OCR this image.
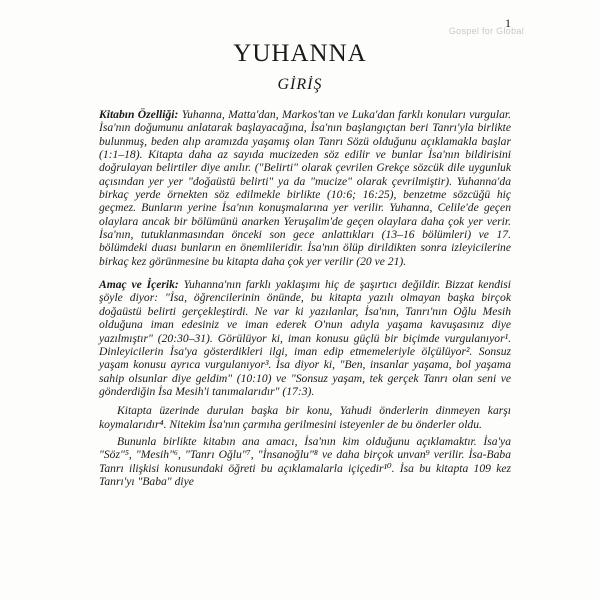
1
Gospel for Global
YUHANNA
GİRİŞ

Kitabın Özelliği: Yuhanna, Matta'dan, Markos'tan ve Luka'dan farklı konuları vurgular. İsa'nın doğumunu anlatarak başlayacağına, İsa'nın başlangıçtan beri Tanrı'yla birlikte bulunmuş, beden alıp aramızda yaşamış olan Tanrı Sözü olduğunu açıklamakla başlar (1:1–18). Kitapta daha az sayıda mucizeden söz edilir ve bunlar İsa'nın bildirisini doğrulayan belirtiler diye anılır. ("Belirti" olarak çevrilen Grekçe sözcük dile uygunluk açısından yer yer "doğaüstü belirti" ya da "mucize" olarak çevrilmiştir). Yuhanna'da birkaç yerde örnekten söz edilmekle birlikte (10:6; 16:25), benzetme sözcüğü hiç geçmez. Bunların yerine İsa'nın konuşmalarına yer verilir. Yuhanna, Celile'de geçen olaylara ancak bir bölümünü anarken Yeruşalim'de geçen olaylara daha çok yer verir. İsa'nın, tutuklanmasından önceki son gece anlattıkları (13–16 bölümleri) ve 17. bölümdeki duası bunların en önemlileridir. İsa'nın ölüp dirildikten sonra izleyicilerine birkaç kez görünmesine bu kitapta daha çok yer verilir (20 ve 21).

Amaç ve İçerik: Yuhanna'nın farklı yaklaşımı hiç de şaşırtıcı değildir. Bizzat kendisi şöyle diyor: "İsa, öğrencilerinin önünde, bu kitapta yazılı olmayan başka birçok doğaüstü belirti gerçekleştirdi. Ne var ki yazılanlar, İsa'nın, Tanrı'nın Oğlu Mesih olduğuna iman edesiniz ve iman ederek O'nun adıyla yaşama kavuşasınız diye yazılmıştır" (20:30–31). Görülüyor ki, iman konusu güçlü bir biçimde vurgulanıyor¹. Dinleyicilerin İsa'ya gösterdikleri ilgi, iman edip etmemeleriyle ölçülüyor². Sonsuz yaşam konusu ayrıca vurgulanıyor³. İsa diyor ki, "Ben, insanlar yaşama, bol yaşama sahip olsunlar diye geldim" (10:10) ve "Sonsuz yaşam, tek gerçek Tanrı olan seni ve gönderdiğin İsa Mesih'i tanımalarıdır" (17:3).

Kitapta üzerinde durulan başka bir konu, Yahudi önderlerin dinmeyen karşı koymalarıdır⁴. Nitekim İsa'nın çarmıha gerilmesini isteyenler de bu önderler oldu.

Bununla birlikte kitabın ana amacı, İsa'nın kim olduğunu açıklamaktır. İsa'ya "Söz"⁵, "Mesih"⁶, "Tanrı Oğlu"⁷, "İnsanoğlu"⁸ ve daha birçok unvan⁹ verilir. İsa-Baba Tanrı ilişkisi konusundaki öğreti bu açıklamalarla içiçedir¹⁰. İsa bu kitapta 109 kez Tanrı'yı "Baba" diye
